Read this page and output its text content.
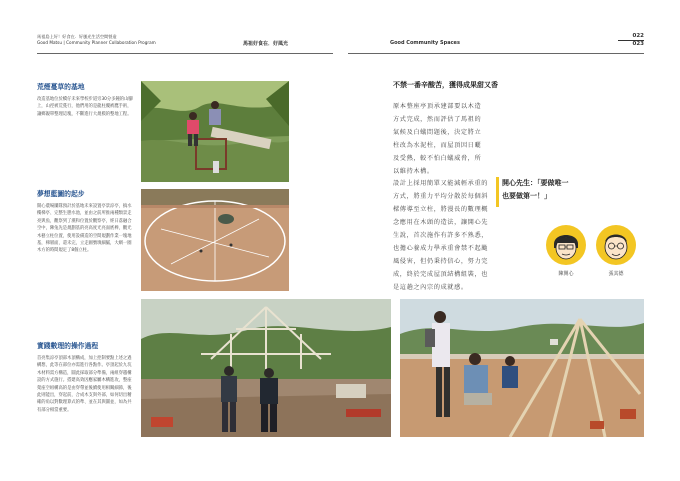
馬祖島上好！好食在．好風光生活空間營造
Good Matsu | Community Planner Collaboration Program	馬祖好食在．好風光	Good Community Spaces
022
023
荒煙蔓草的基地
改造基地位於橋仔未來學校步道旁30分多鐘的山腳上，山徑被荒蔓行，他們用的是龍柱覆被鷹手術，讓鄉親單整理這塊，不斷進行大規模的整地工程。
夢想藍圖的起步
開心農場團隊預計於基地未來設置亭景涼亭，搞水樓梯亭、完整生態水池，並由之前所推兩種類景走亮與魚，觀察到了漢和位置於觀察亭，經日落融合空中，陳兔先是規劃基的亮高度光亮面底棒，觀光木藝立柱位置，使用設備造的空間規劃作業一塊地基，梯層面，還未完，立走圖號填細膩，大網一圈木方的時間規定了8個立柱。
實踐數理的操作過程
首亮集涼亭頂部木頂構成，加上控制要點上述之過構想，此等在部位亦需進行各點作。亭頂起於九坑木材料需方構造，圓此採取部分準備，兩組穿越構設的方式施行。搭建高效因應家屬木構進攻，整座架座空組構高的是由穿帶並後續使用相關細節，後此則能出，穿起前，合成木支與外部，如何切出精確的角以對數理算式的準、並在其與圓並，如為共有部分相當重要。
不禁一番辛酸苦，獲得成果甜又香
原本整座亭頂承建部要以木造方式完成，然而評估了馬祖的氣候及白蟻問題後，決定將立柱改為水泥柱，而屋頂因日曬及受熱，較不怕白蟻威脅，所以維持木構。
設計上採用簡單又能減輕承重的方式，將重力平均分散於每個斜樑傳導至立柱，將漫長的數理概念應用在木頭的造法，讓開心先生說，首次施作有許多不熟悉，也擔心養成力學承重會禁不起颱風侵害，但仍秉持信心，努力完成，終於完成屋頂結構組裝，也是這趟之內宗的成就感。
開心先生：「要做唯一
也要做第一！」
陳開心	張其德
